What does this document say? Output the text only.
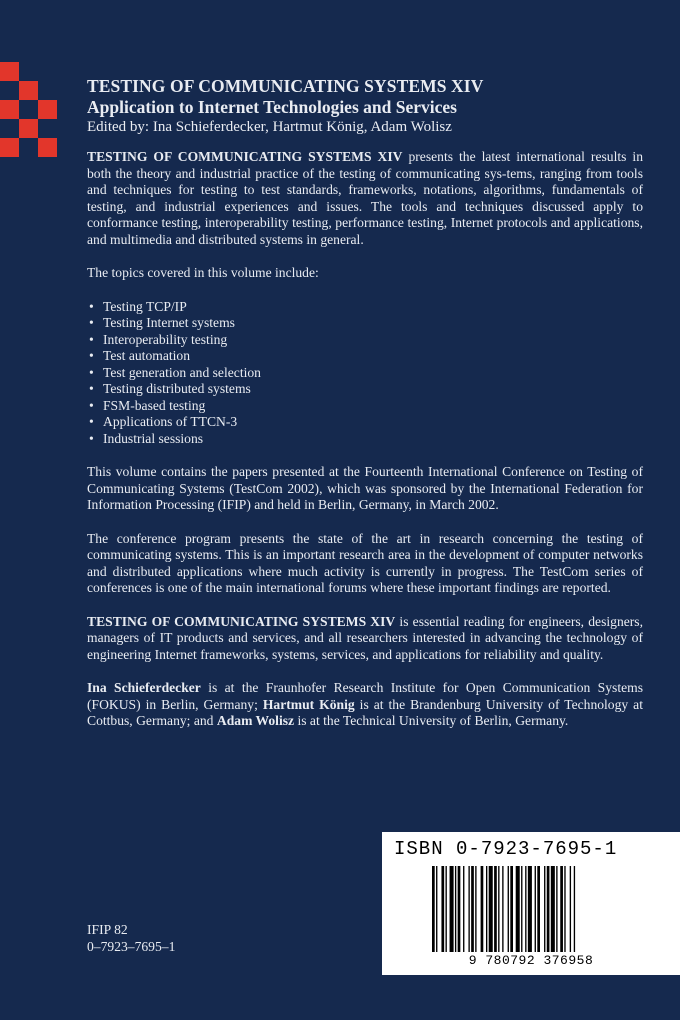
TESTING OF COMMUNICATING SYSTEMS XIV
Application to Internet Technologies and Services
Edited by: Ina Schieferdecker, Hartmut König, Adam Wolisz

TESTING OF COMMUNICATING SYSTEMS XIV presents the latest international results in both the theory and industrial practice of the testing of communicating sys-tems, ranging from tools and techniques for testing to test standards, frameworks, notations, algorithms, fundamentals of testing, and industrial experiences and issues. The tools and techniques discussed apply to conformance testing, interoperability testing, performance testing, Internet protocols and applications, and multimedia and distributed systems in general.

The topics covered in this volume include:

• Testing TCP/IP
• Testing Internet systems
• Interoperability testing
• Test automation
• Test generation and selection
• Testing distributed systems
• FSM-based testing
• Applications of TTCN-3
• Industrial sessions

This volume contains the papers presented at the Fourteenth International Conference on Testing of Communicating Systems (TestCom 2002), which was sponsored by the International Federation for Information Processing (IFIP) and held in Berlin, Germany, in March 2002.

The conference program presents the state of the art in research concerning the testing of communicating systems. This is an important research area in the development of computer networks and distributed applications where much activity is currently in progress. The TestCom series of conferences is one of the main international forums where these important findings are reported.

TESTING OF COMMUNICATING SYSTEMS XIV is essential reading for engineers, designers, managers of IT products and services, and all researchers interested in advancing the technology of engineering Internet frameworks, systems, services, and applications for reliability and quality.

Ina Schieferdecker is at the Fraunhofer Research Institute for Open Communication Systems (FOKUS) in Berlin, Germany; Hartmut König is at the Brandenburg University of Technology at Cottbus, Germany; and Adam Wolisz is at the Technical University of Berlin, Germany.

IFIP 82
0–7923–7695–1
ISBN 0-7923-7695-1
9 780792 376958
